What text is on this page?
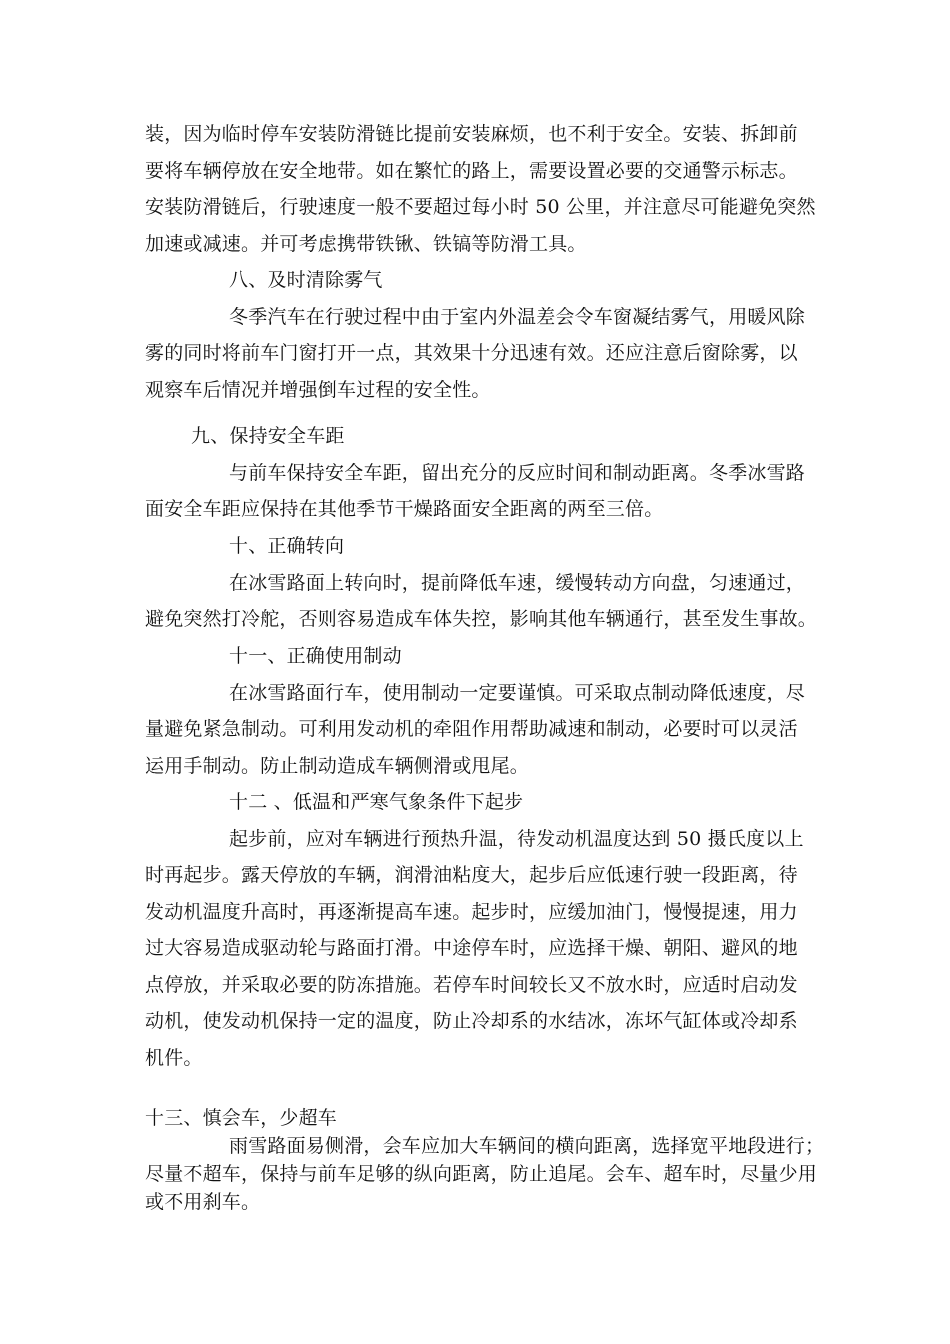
装，因为临时停车安装防滑链比提前安装麻烦，也不利于安全。安装、拆卸前
要将车辆停放在安全地带。如在繁忙的路上，需要设置必要的交通警示标志。
安装防滑链后，行驶速度一般不要超过每小时 50 公里，并注意尽可能避免突然
加速或减速。并可考虑携带铁锹、铁镐等防滑工具。
八、及时清除雾气
冬季汽车在行驶过程中由于室内外温差会令车窗凝结雾气，用暖风除
雾的同时将前车门窗打开一点，其效果十分迅速有效。还应注意后窗除雾，以
观察车后情况并增强倒车过程的安全性。
九、保持安全车距
与前车保持安全车距，留出充分的反应时间和制动距离。冬季冰雪路
面安全车距应保持在其他季节干燥路面安全距离的两至三倍。
十、正确转向
在冰雪路面上转向时，提前降低车速，缓慢转动方向盘，匀速通过，
避免突然打冷舵，否则容易造成车体失控，影响其他车辆通行，甚至发生事故。
十一、正确使用制动
在冰雪路面行车，使用制动一定要谨慎。可采取点制动降低速度，尽
量避免紧急制动。可利用发动机的牵阻作用帮助减速和制动，必要时可以灵活
运用手制动。防止制动造成车辆侧滑或甩尾。
十二 、低温和严寒气象条件下起步
起步前，应对车辆进行预热升温，待发动机温度达到 50 摄氏度以上
时再起步。露天停放的车辆，润滑油粘度大，起步后应低速行驶一段距离，待
发动机温度升高时，再逐渐提高车速。起步时，应缓加油门，慢慢提速，用力
过大容易造成驱动轮与路面打滑。中途停车时，应选择干燥、朝阳、避风的地
点停放，并采取必要的防冻措施。若停车时间较长又不放水时，应适时启动发
动机，使发动机保持一定的温度，防止冷却系的水结冰，冻坏气缸体或冷却系
机件。
十三、慎会车，少超车
雨雪路面易侧滑，会车应加大车辆间的横向距离，选择宽平地段进行；
尽量不超车，保持与前车足够的纵向距离，防止追尾。会车、超车时，尽量少用
或不用刹车。
